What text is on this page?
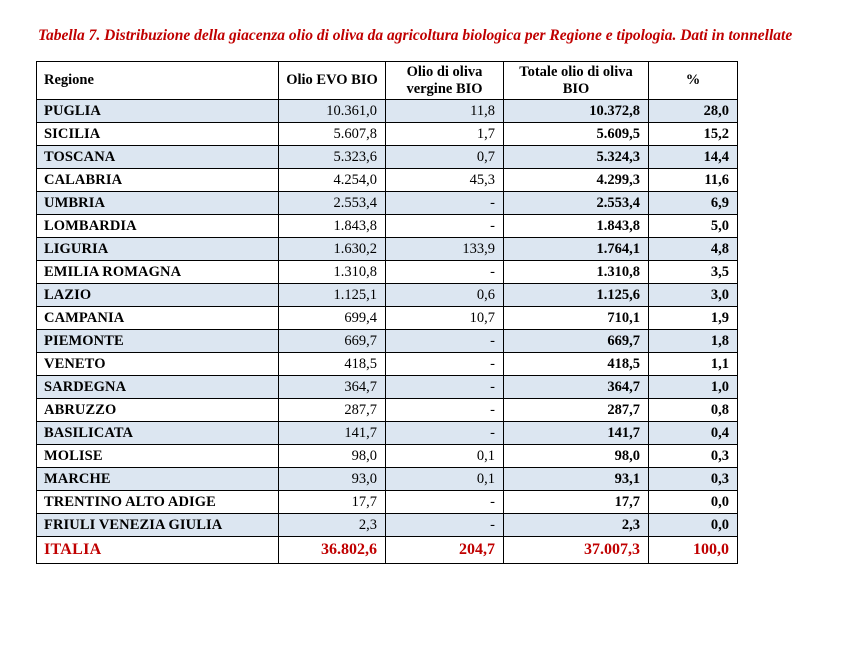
Tabella 7. Distribuzione della giacenza olio di oliva da agricoltura biologica per Regione e tipologia. Dati in tonnellate

Regione	Olio EVO BIO	Olio di oliva vergine BIO	Totale olio di oliva BIO	%
PUGLIA	10.361,0	11,8	10.372,8	28,0
SICILIA	5.607,8	1,7	5.609,5	15,2
TOSCANA	5.323,6	0,7	5.324,3	14,4
CALABRIA	4.254,0	45,3	4.299,3	11,6
UMBRIA	2.553,4	-	2.553,4	6,9
LOMBARDIA	1.843,8	-	1.843,8	5,0
LIGURIA	1.630,2	133,9	1.764,1	4,8
EMILIA ROMAGNA	1.310,8	-	1.310,8	3,5
LAZIO	1.125,1	0,6	1.125,6	3,0
CAMPANIA	699,4	10,7	710,1	1,9
PIEMONTE	669,7	-	669,7	1,8
VENETO	418,5	-	418,5	1,1
SARDEGNA	364,7	-	364,7	1,0
ABRUZZO	287,7	-	287,7	0,8
BASILICATA	141,7	-	141,7	0,4
MOLISE	98,0	0,1	98,0	0,3
MARCHE	93,0	0,1	93,1	0,3
TRENTINO ALTO ADIGE	17,7	-	17,7	0,0
FRIULI VENEZIA GIULIA	2,3	-	2,3	0,0
ITALIA	36.802,6	204,7	37.007,3	100,0
